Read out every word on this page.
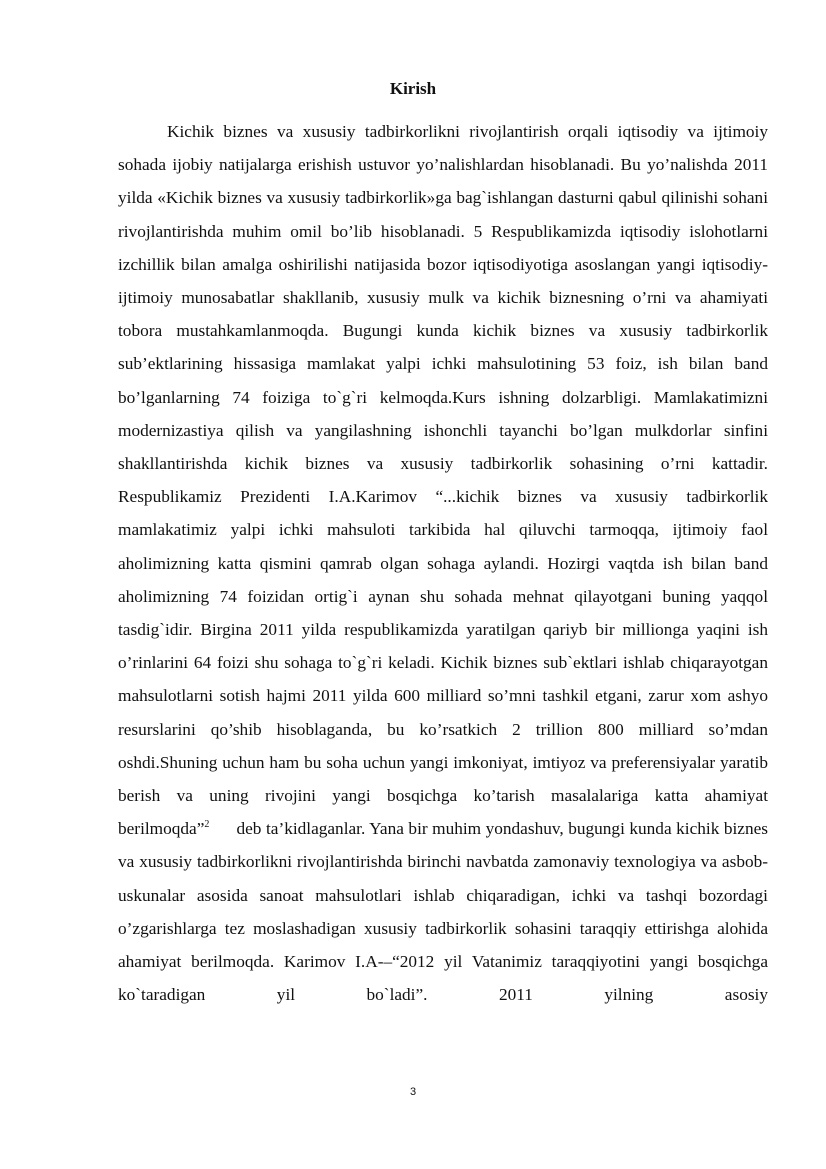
Kirish

Kichik biznes va xususiy tadbirkorlikni rivojlantirish orqali iqtisodiy va ijtimoiy sohada ijobiy natijalarga erishish ustuvor yo’nalishlardan hisoblanadi. Bu yo’nalishda 2011 yilda «Kichik biznes va xususiy tadbirkorlik»ga bag`ishlangan dasturni qabul qilinishi sohani rivojlantirishda muhim omil bo’lib hisoblanadi. 5 Respublikamizda iqtisodiy islohotlarni izchillik bilan amalga oshirilishi natijasida bozor iqtisodiyotiga asoslangan yangi iqtisodiy-ijtimoiy munosabatlar shakllanib, xususiy mulk va kichik biznesning o’rni va ahamiyati tobora mustahkamlanmoqda. Bugungi kunda kichik biznes va xususiy tadbirkorlik sub’ektlarining hissasiga mamlakat yalpi ichki mahsulotining 53 foiz, ish bilan band bo’lganlarning 74 foiziga to`g`ri kelmoqda.Kurs ishning dolzarbligi. Mamlakatimizni modernizastiya qilish va yangilashning ishonchli tayanchi bo’lgan mulkdorlar sinfini shakllantirishda kichik biznes va xususiy tadbirkorlik sohasining o’rni kattadir. Respublikamiz Prezidenti I.A.Karimov “...kichik biznes va xususiy tadbirkorlik mamlakatimiz yalpi ichki mahsuloti tarkibida hal qiluvchi tarmoqqa, ijtimoiy faol aholimizning katta qismini qamrab olgan sohaga aylandi. Hozirgi vaqtda ish bilan band aholimizning 74 foizidan ortig`i aynan shu sohada mehnat qilayotgani buning yaqqol tasdig`idir. Birgina 2011 yilda respublikamizda yaratilgan qariyb bir millionga yaqini ish o’rinlarini 64 foizi shu sohaga to`g`ri keladi. Kichik biznes sub`ektlari ishlab chiqarayotgan mahsulotlarni sotish hajmi 2011 yilda 600 milliard so’mni tashkil etgani, zarur xom ashyo resurslarini qo’shib hisoblaganda, bu ko’rsatkich 2 trillion 800 milliard so’mdan oshdi.Shuning uchun ham bu soha uchun yangi imkoniyat, imtiyoz va preferensiyalar yaratib berish va uning rivojini yangi bosqichga ko’tarish masalalariga katta ahamiyat berilmoqda”$^2$ deb ta’kidlaganlar. Yana bir muhim yondashuv, bugungi kunda kichik biznes va xususiy tadbirkorlikni rivojlantirishda birinchi navbatda zamonaviy texnologiya va asbob-uskunalar asosida sanoat mahsulotlari ishlab chiqaradigan, ichki va tashqi bozordagi o’zgarishlarga tez moslashadigan xususiy tadbirkorlik sohasini taraqqiy ettirishga alohida ahamiyat berilmoqda. Karimov I.A-–“2012 yil Vatanimiz taraqqiyotini yangi bosqichga ko`taradigan yil bo`ladi”. 2011 yilning asosiy

3
